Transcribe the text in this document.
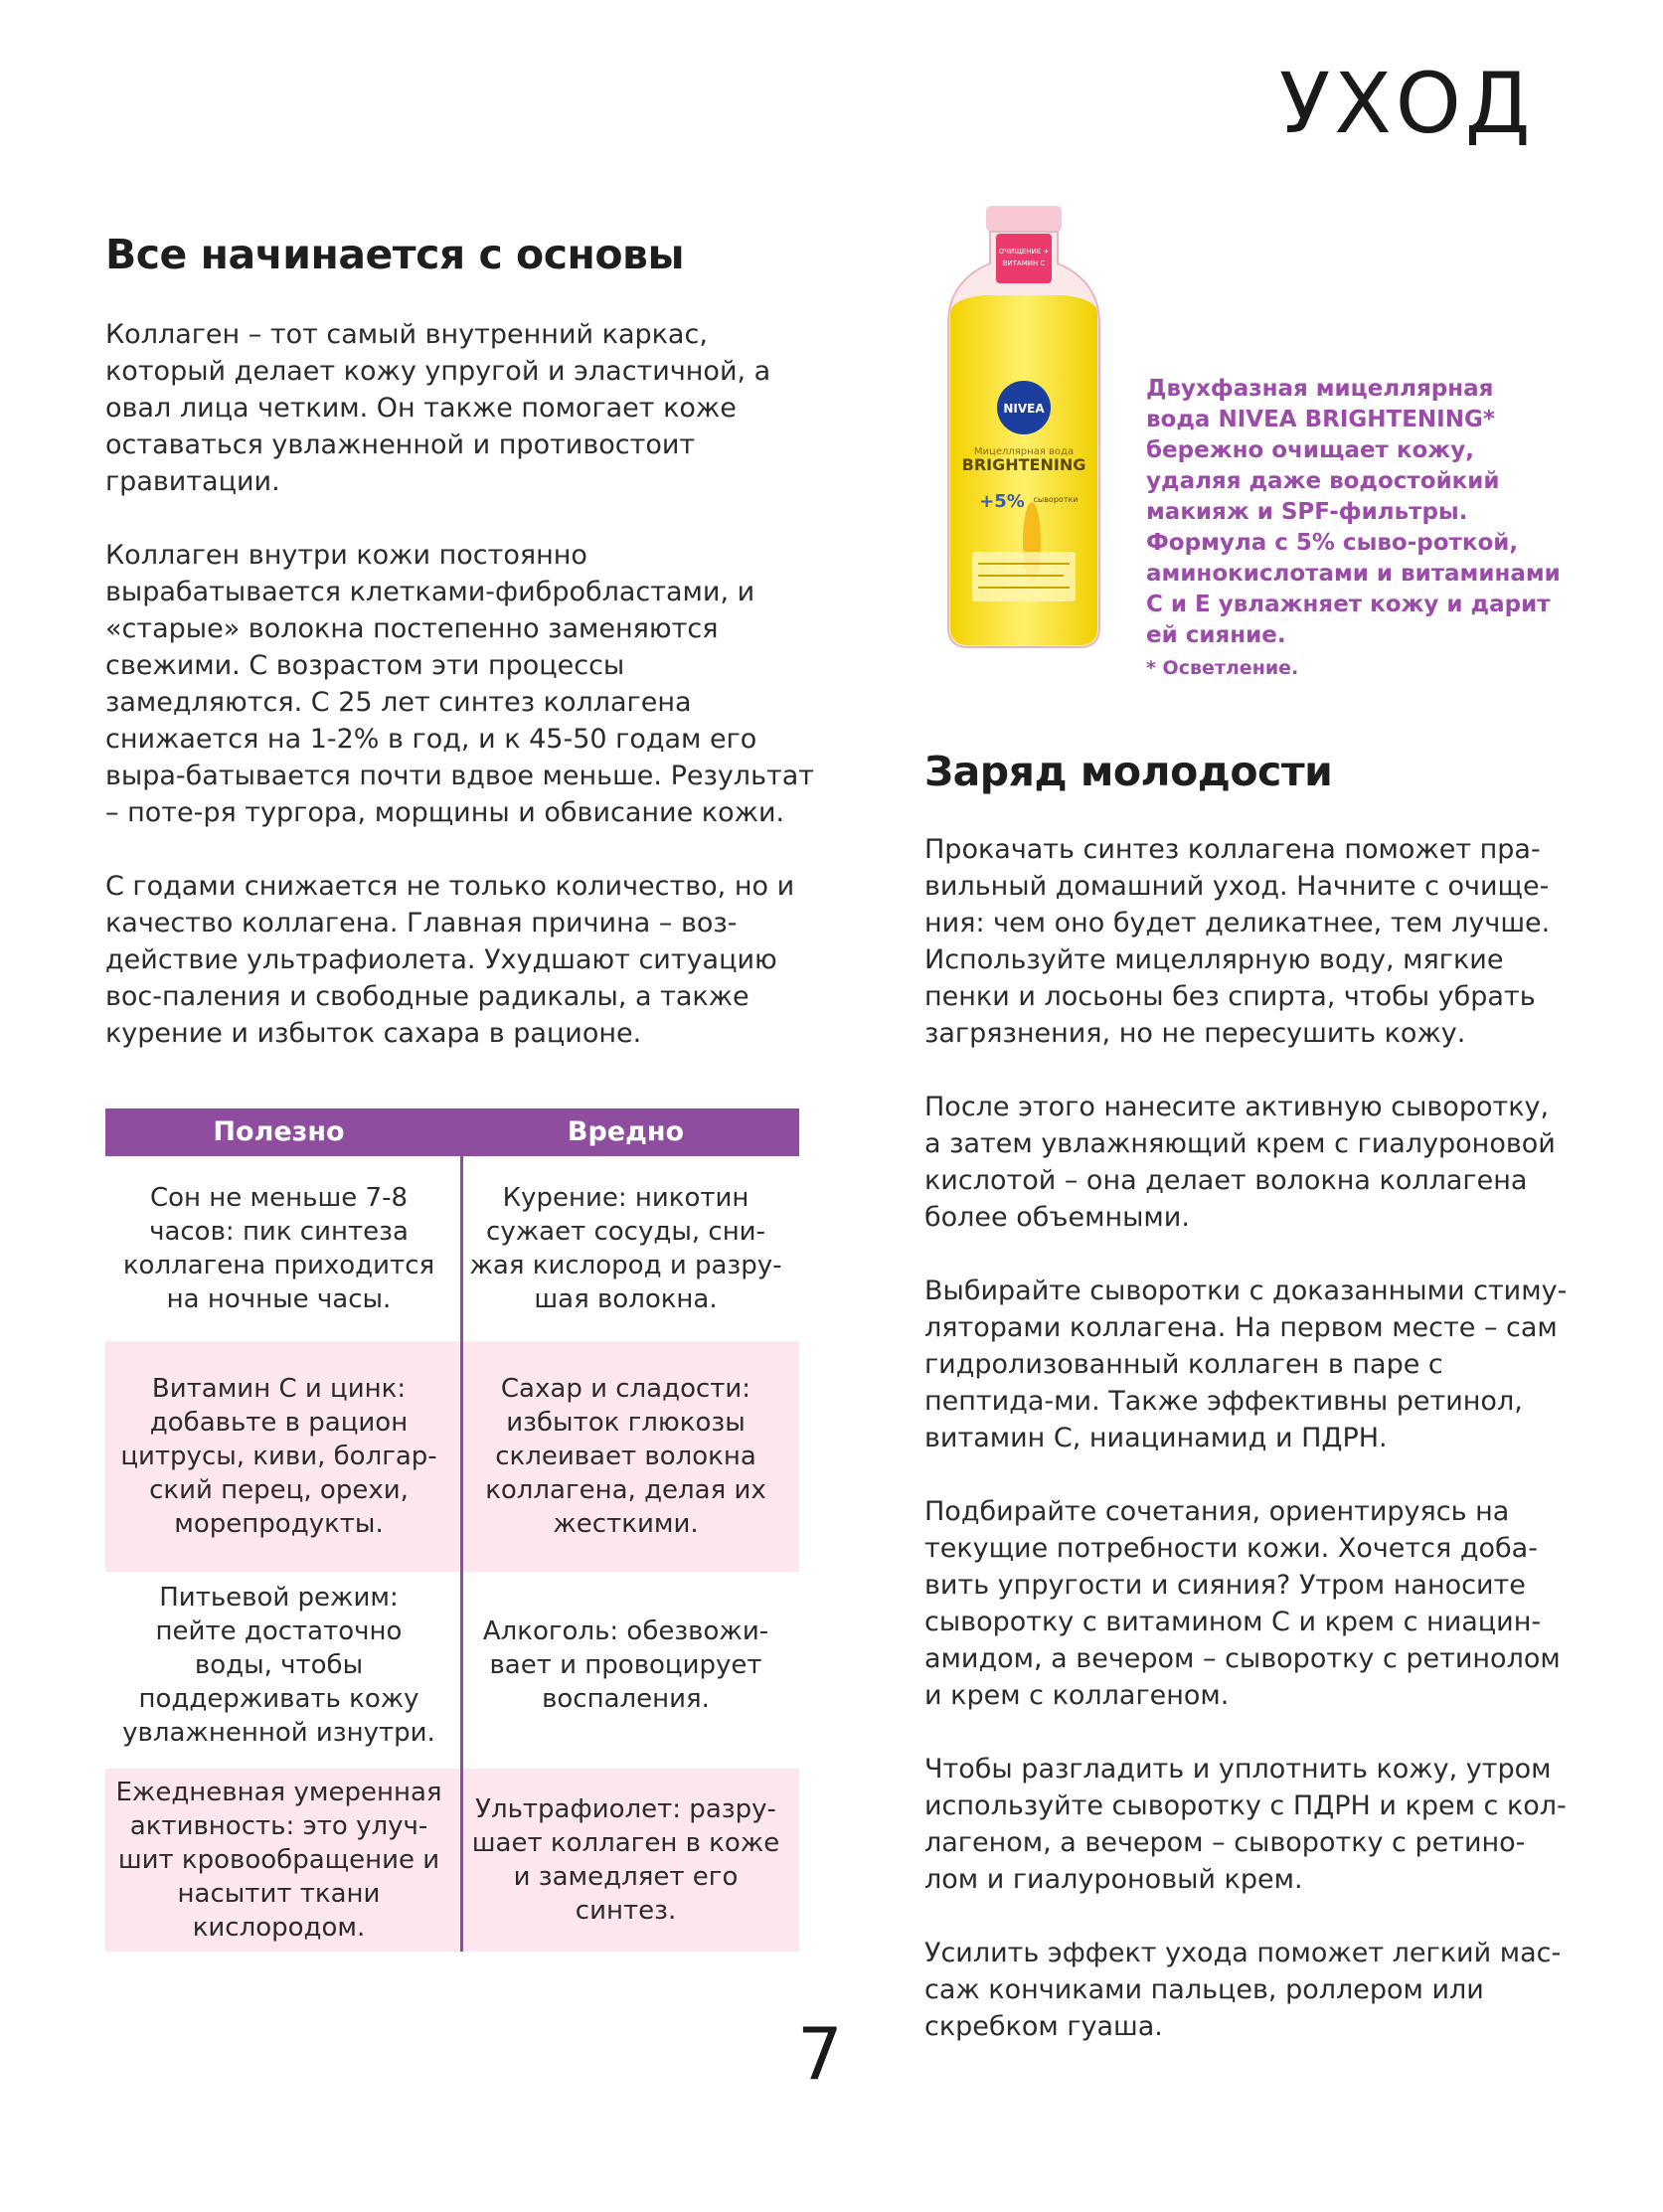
УХОД
Все начинается с основы

Коллаген – тот самый внутренний каркас, который делает кожу упругой и эластичной, а овал лица четким. Он также помогает коже оставаться увлажненной и противостоит гравитации.

Коллаген внутри кожи постоянно вырабатывается клетками-фибробластами, и «старые» волокна постепенно заменяются свежими. С возрастом эти процессы замедляются. С 25 лет синтез коллагена снижается на 1-2% в год, и к 45-50 годам его выра-батывается почти вдвое меньше. Результат – поте-ря тургора, морщины и обвисание кожи.

С годами снижается не только количество, но и качество коллагена. Главная причина – воз-действие ультрафиолета. Ухудшают ситуацию вос-паления и свободные радикалы, а также курение и избыток сахара в рационе.

Полезно	Вредно
Сон не меньше 7-8 часов: пик синтеза коллагена приходится на ночные часы.
Курение: никотин сужает сосуды, сни-жая кислород и разру-шая волокна.
Витамин С и цинк: добавьте в рацион цитрусы, киви, болгар-ский перец, орехи, морепродукты.
Сахар и сладости: избыток глюкозы склеивает волокна коллагена, делая их жесткими.
Питьевой режим: пейте достаточно воды, чтобы поддерживать кожу увлажненной изнутри.
Алкоголь: обезвожи-вает и провоцирует воспаления.
Ежедневная умеренная активность: это улуч-шит кровообращение и насытит ткани кислородом.
Ультрафиолет: разру-шает коллаген в коже и замедляет его синтез.
ОЧИЩЕНИЕ +
ВИТАМИН С
NIVEA
Мицеллярная вода
BRIGHTENING
+5% сыворотки
Двухфазная мицеллярная вода NIVEA BRIGHTENING* бережно очищает кожу, удаляя даже водостойкий макияж и SPF-фильтры. Формула с 5% сыво-роткой, аминокислотами и витаминами С и Е увлажняет кожу и дарит ей сияние.
* Осветление.
Заряд молодости

Прокачать синтез коллагена поможет пра-вильный домашний уход. Начните с очище-ния: чем оно будет деликатнее, тем лучше. Используйте мицеллярную воду, мягкие пенки и лосьоны без спирта, чтобы убрать загрязнения, но не пересушить кожу.

После этого нанесите активную сыворотку, а затем увлажняющий крем с гиалуроновой кислотой – она делает волокна коллагена более объемными.

Выбирайте сыворотки с доказанными стиму-ляторами коллагена. На первом месте – сам гидролизованный коллаген в паре с пептида-ми. Также эффективны ретинол, витамин С, ниацинамид и ПДРН.

Подбирайте сочетания, ориентируясь на текущие потребности кожи. Хочется доба-вить упругости и сияния? Утром наносите сыворотку с витамином С и крем с ниацин-амидом, а вечером – сыворотку с ретинолом и крем с коллагеном.

Чтобы разгладить и уплотнить кожу, утром используйте сыворотку с ПДРН и крем с кол-лагеном, а вечером – сыворотку с ретино-лом и гиалуроновый крем.

Усилить эффект ухода поможет легкий мас-саж кончиками пальцев, роллером или скребком гуаша.

7
